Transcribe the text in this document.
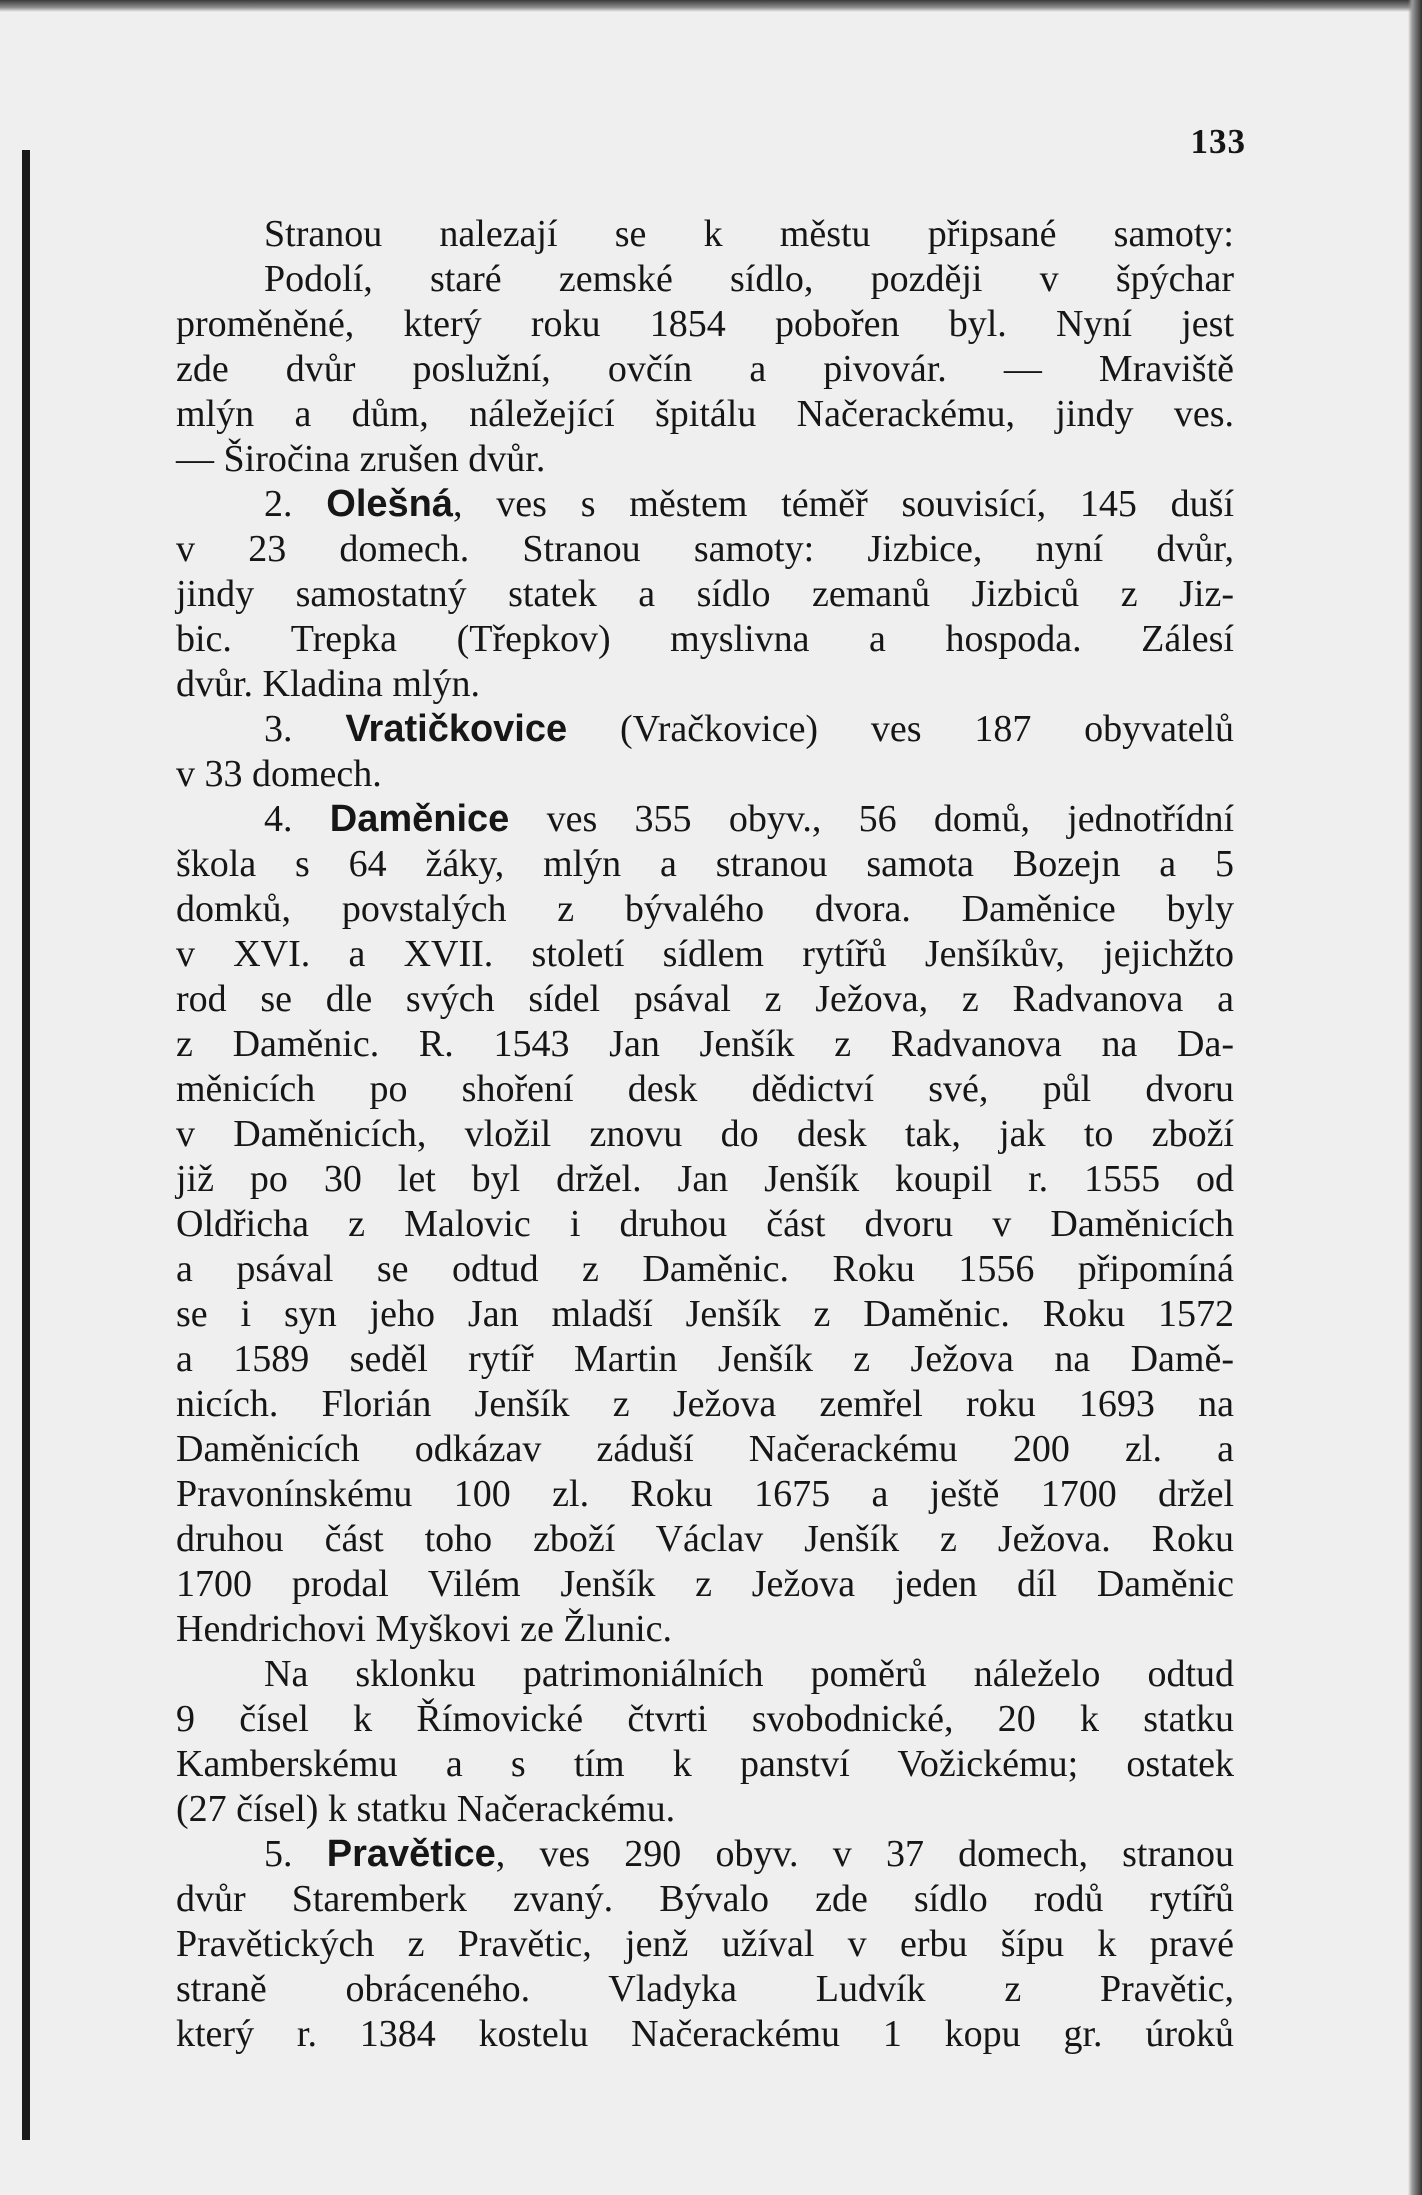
133

Stranou nalezají se k městu připsané samoty:
Podolí, staré zemské sídlo, později v špýchar
proměněné, který roku 1854 pobořen byl. Nyní jest
zde dvůr poslužní, ovčín a pivovár. — Mraviště
mlýn a dům, náležející špitálu Načerackému, jindy ves.
— Širočina zrušen dvůr.
2. Olešná, ves s městem téměř souvisící, 145 duší
v 23 domech. Stranou samoty: Jizbice, nyní dvůr,
jindy samostatný statek a sídlo zemanů Jizbiců z Jiz-
bic. Trepka (Třepkov) myslivna a hospoda. Zálesí
dvůr. Kladina mlýn.
3. Vratičkovice (Vračkovice) ves 187 obyvatelů
v 33 domech.
4. Daměnice ves 355 obyv., 56 domů, jednotřídní
škola s 64 žáky, mlýn a stranou samota Bozejn a 5
domků, povstalých z bývalého dvora. Daměnice byly
v XVI. a XVII. století sídlem rytířů Jenšíkův, jejichžto
rod se dle svých sídel psával z Ježova, z Radvanova a
z Daměnic. R. 1543 Jan Jenšík z Radvanova na Da-
měnicích po shoření desk dědictví své, půl dvoru
v Daměnicích, vložil znovu do desk tak, jak to zboží
již po 30 let byl držel. Jan Jenšík koupil r. 1555 od
Oldřicha z Malovic i druhou část dvoru v Daměnicích
a psával se odtud z Daměnic. Roku 1556 připomíná
se i syn jeho Jan mladší Jenšík z Daměnic. Roku 1572
a 1589 seděl rytíř Martin Jenšík z Ježova na Damě-
nicích. Florián Jenšík z Ježova zemřel roku 1693 na
Daměnicích odkázav záduší Načerackému 200 zl. a
Pravonínskému 100 zl. Roku 1675 a ještě 1700 držel
druhou část toho zboží Václav Jenšík z Ježova. Roku
1700 prodal Vilém Jenšík z Ježova jeden díl Daměnic
Hendrichovi Myškovi ze Žlunic.
Na sklonku patrimoniálních poměrů náleželo odtud
9 čísel k Římovické čtvrti svobodnické, 20 k statku
Kamberskému a s tím k panství Vožickému; ostatek
(27 čísel) k statku Načerackému.
5. Pravětice, ves 290 obyv. v 37 domech, stranou
dvůr Staremberk zvaný. Bývalo zde sídlo rodů rytířů
Pravětických z Pravětic, jenž užíval v erbu šípu k pravé
straně obráceného. Vladyka Ludvík z Pravětic,
který r. 1384 kostelu Načerackému 1 kopu gr. úroků
